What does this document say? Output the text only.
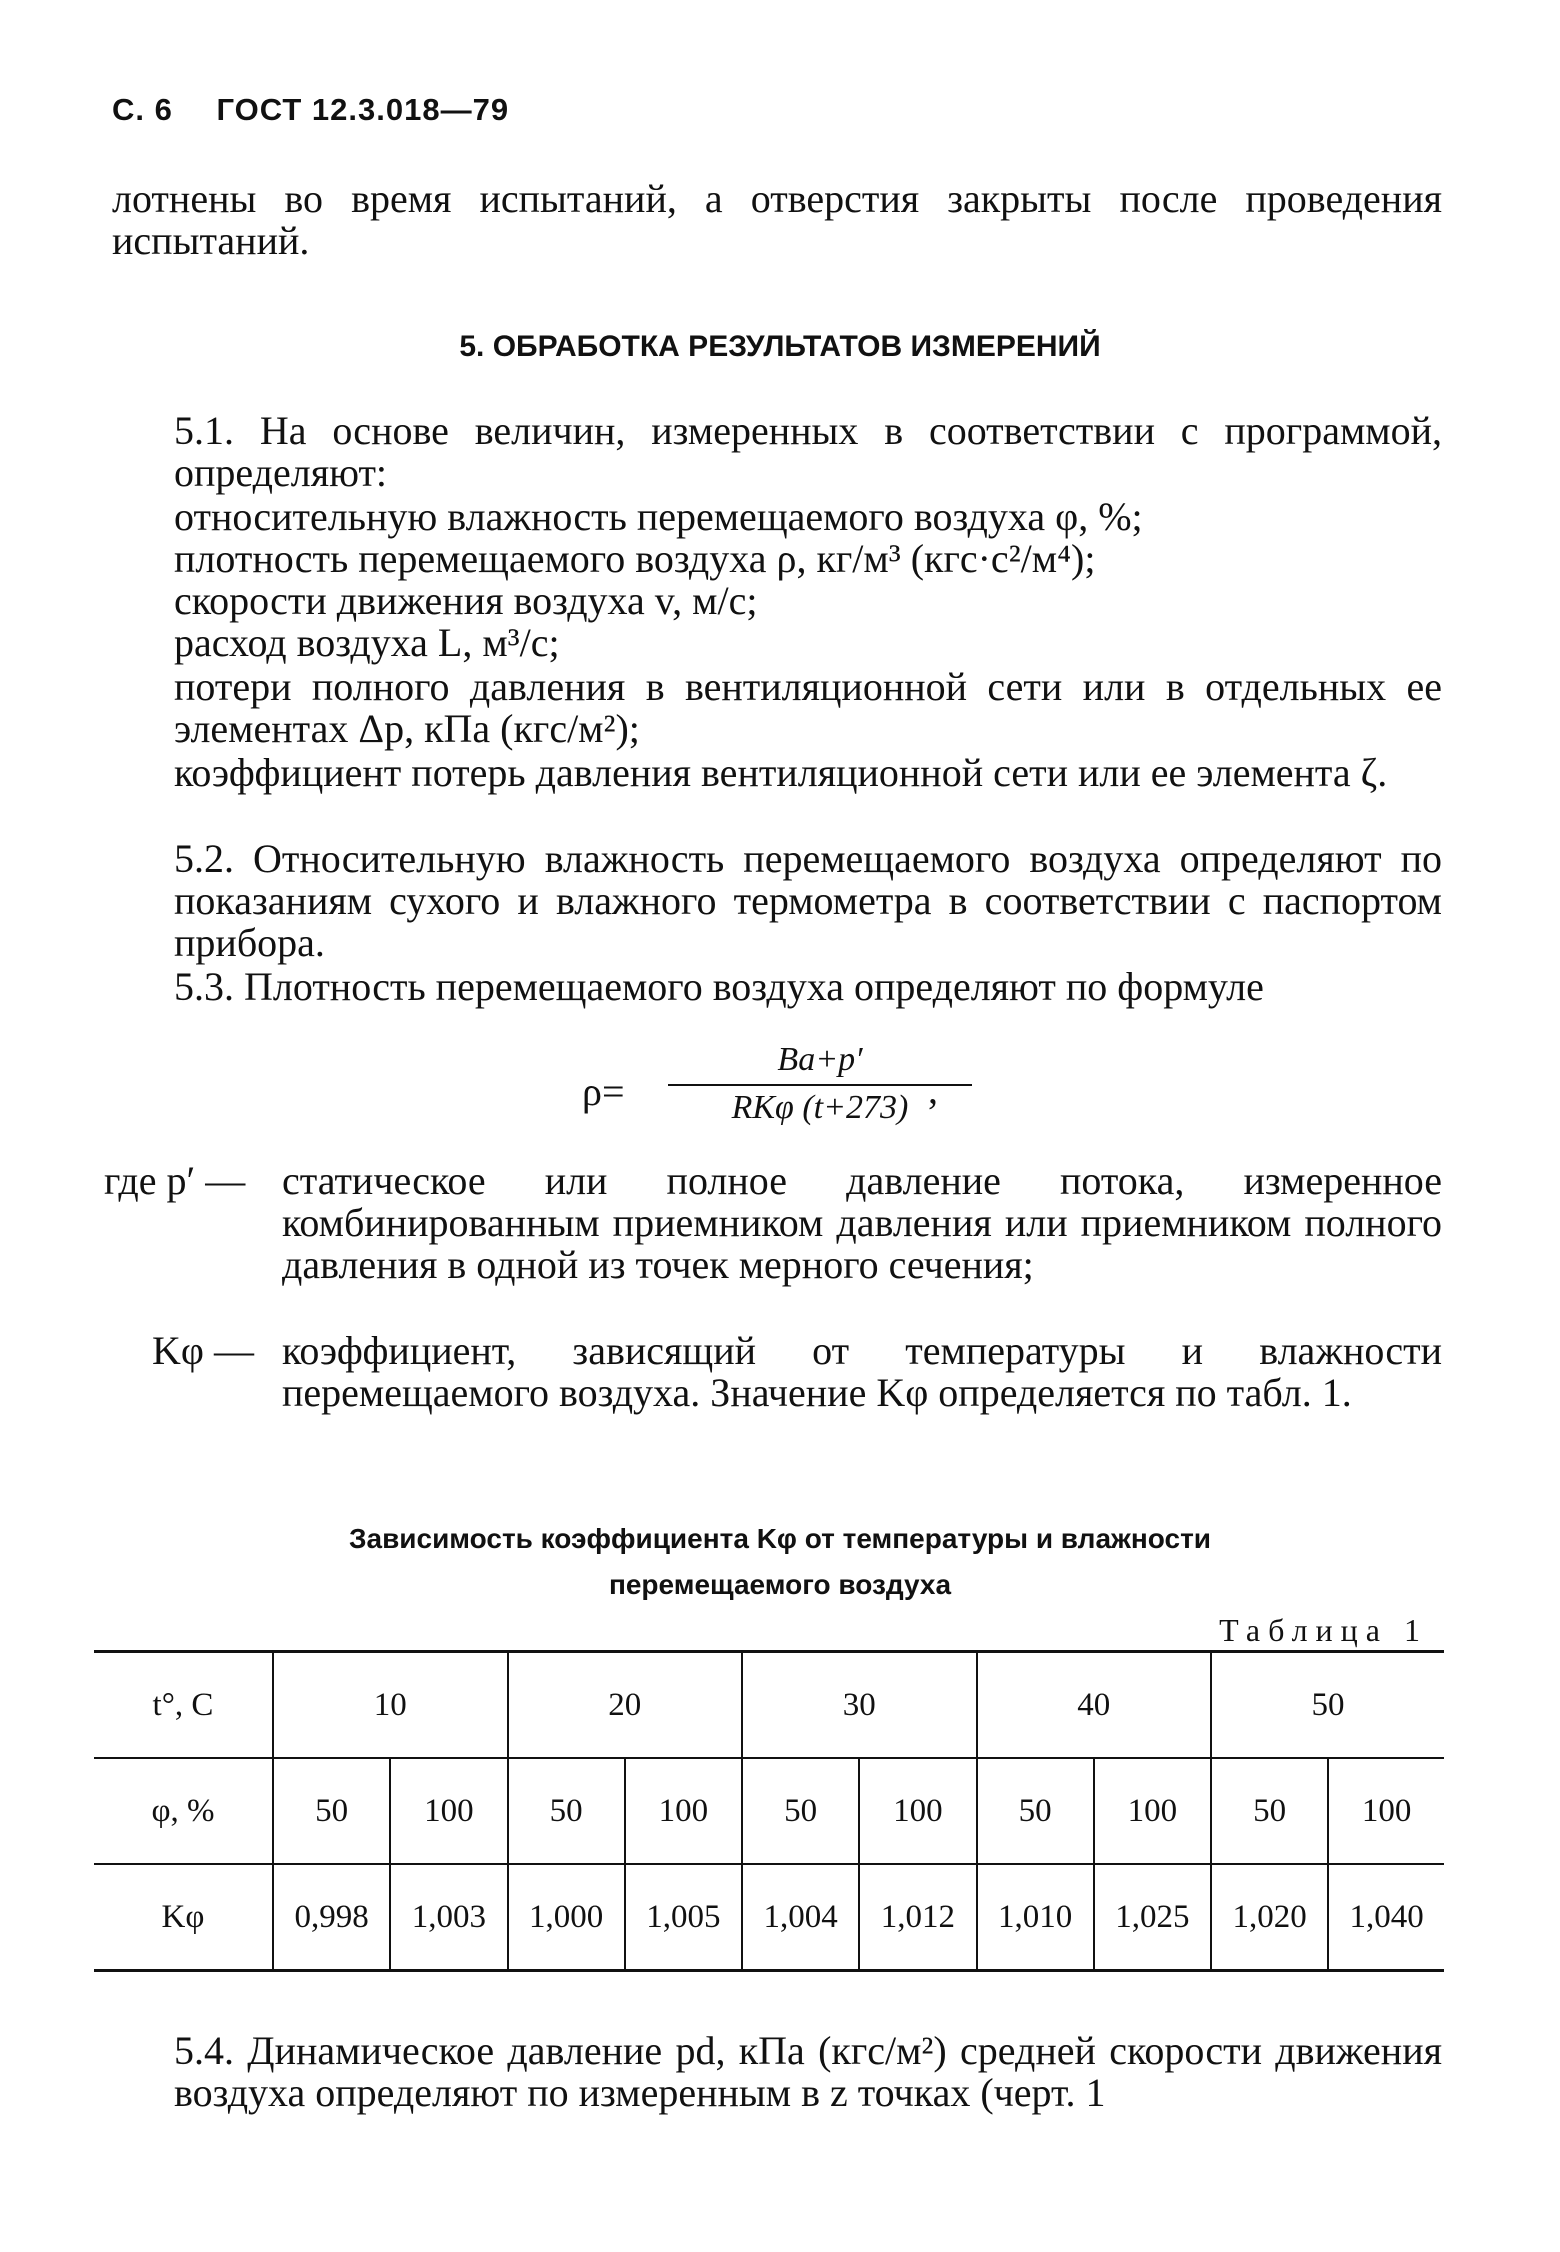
С. 6 ГОСТ 12.3.018—79
лотнены во время испытаний, а отверстия закрыты после проведения испытаний.
5. ОБРАБОТКА РЕЗУЛЬТАТОВ ИЗМЕРЕНИЙ
5.1. На основе величин, измеренных в соответствии с программой, определяют:
относительную влажность перемещаемого воздуха φ, %;
плотность перемещаемого воздуха ρ, кг/м³ (кгс·с²/м⁴);
скорости движения воздуха v, м/с;
расход воздуха L, м³/с;
потери полного давления в вентиляционной сети или в отдельных ее элементах Δp, кПа (кгс/м²);
коэффициент потерь давления вентиляционной сети или ее элемента ζ.
5.2. Относительную влажность перемещаемого воздуха определяют по показаниям сухого и влажного термометра в соответствии с паспортом прибора.
5.3. Плотность перемещаемого воздуха определяют по формуле
ρ=
Bа+p′
RKφ (t+273) ,
где p′ — статическое или полное давление потока, измеренное комбинированным приемником давления или приемником полного давления в одной из точек мерного сечения;
Kφ — коэффициент, зависящий от температуры и влажности перемещаемого воздуха. Значение Kφ определяется по табл. 1.
Зависимость коэффициента Kφ от температуры и влажности
перемещаемого воздуха
Таблица 1
t°, С	10		20		30		40		50	
φ, %	50	100	50	100	50	100	50	100	50	100
Kφ	0,998	1,003	1,000	1,005	1,004	1,012	1,010	1,025	1,020	1,040
5.4. Динамическое давление pd, кПа (кгс/м²) средней скорости движения воздуха определяют по измеренным в z точках (черт. 1
